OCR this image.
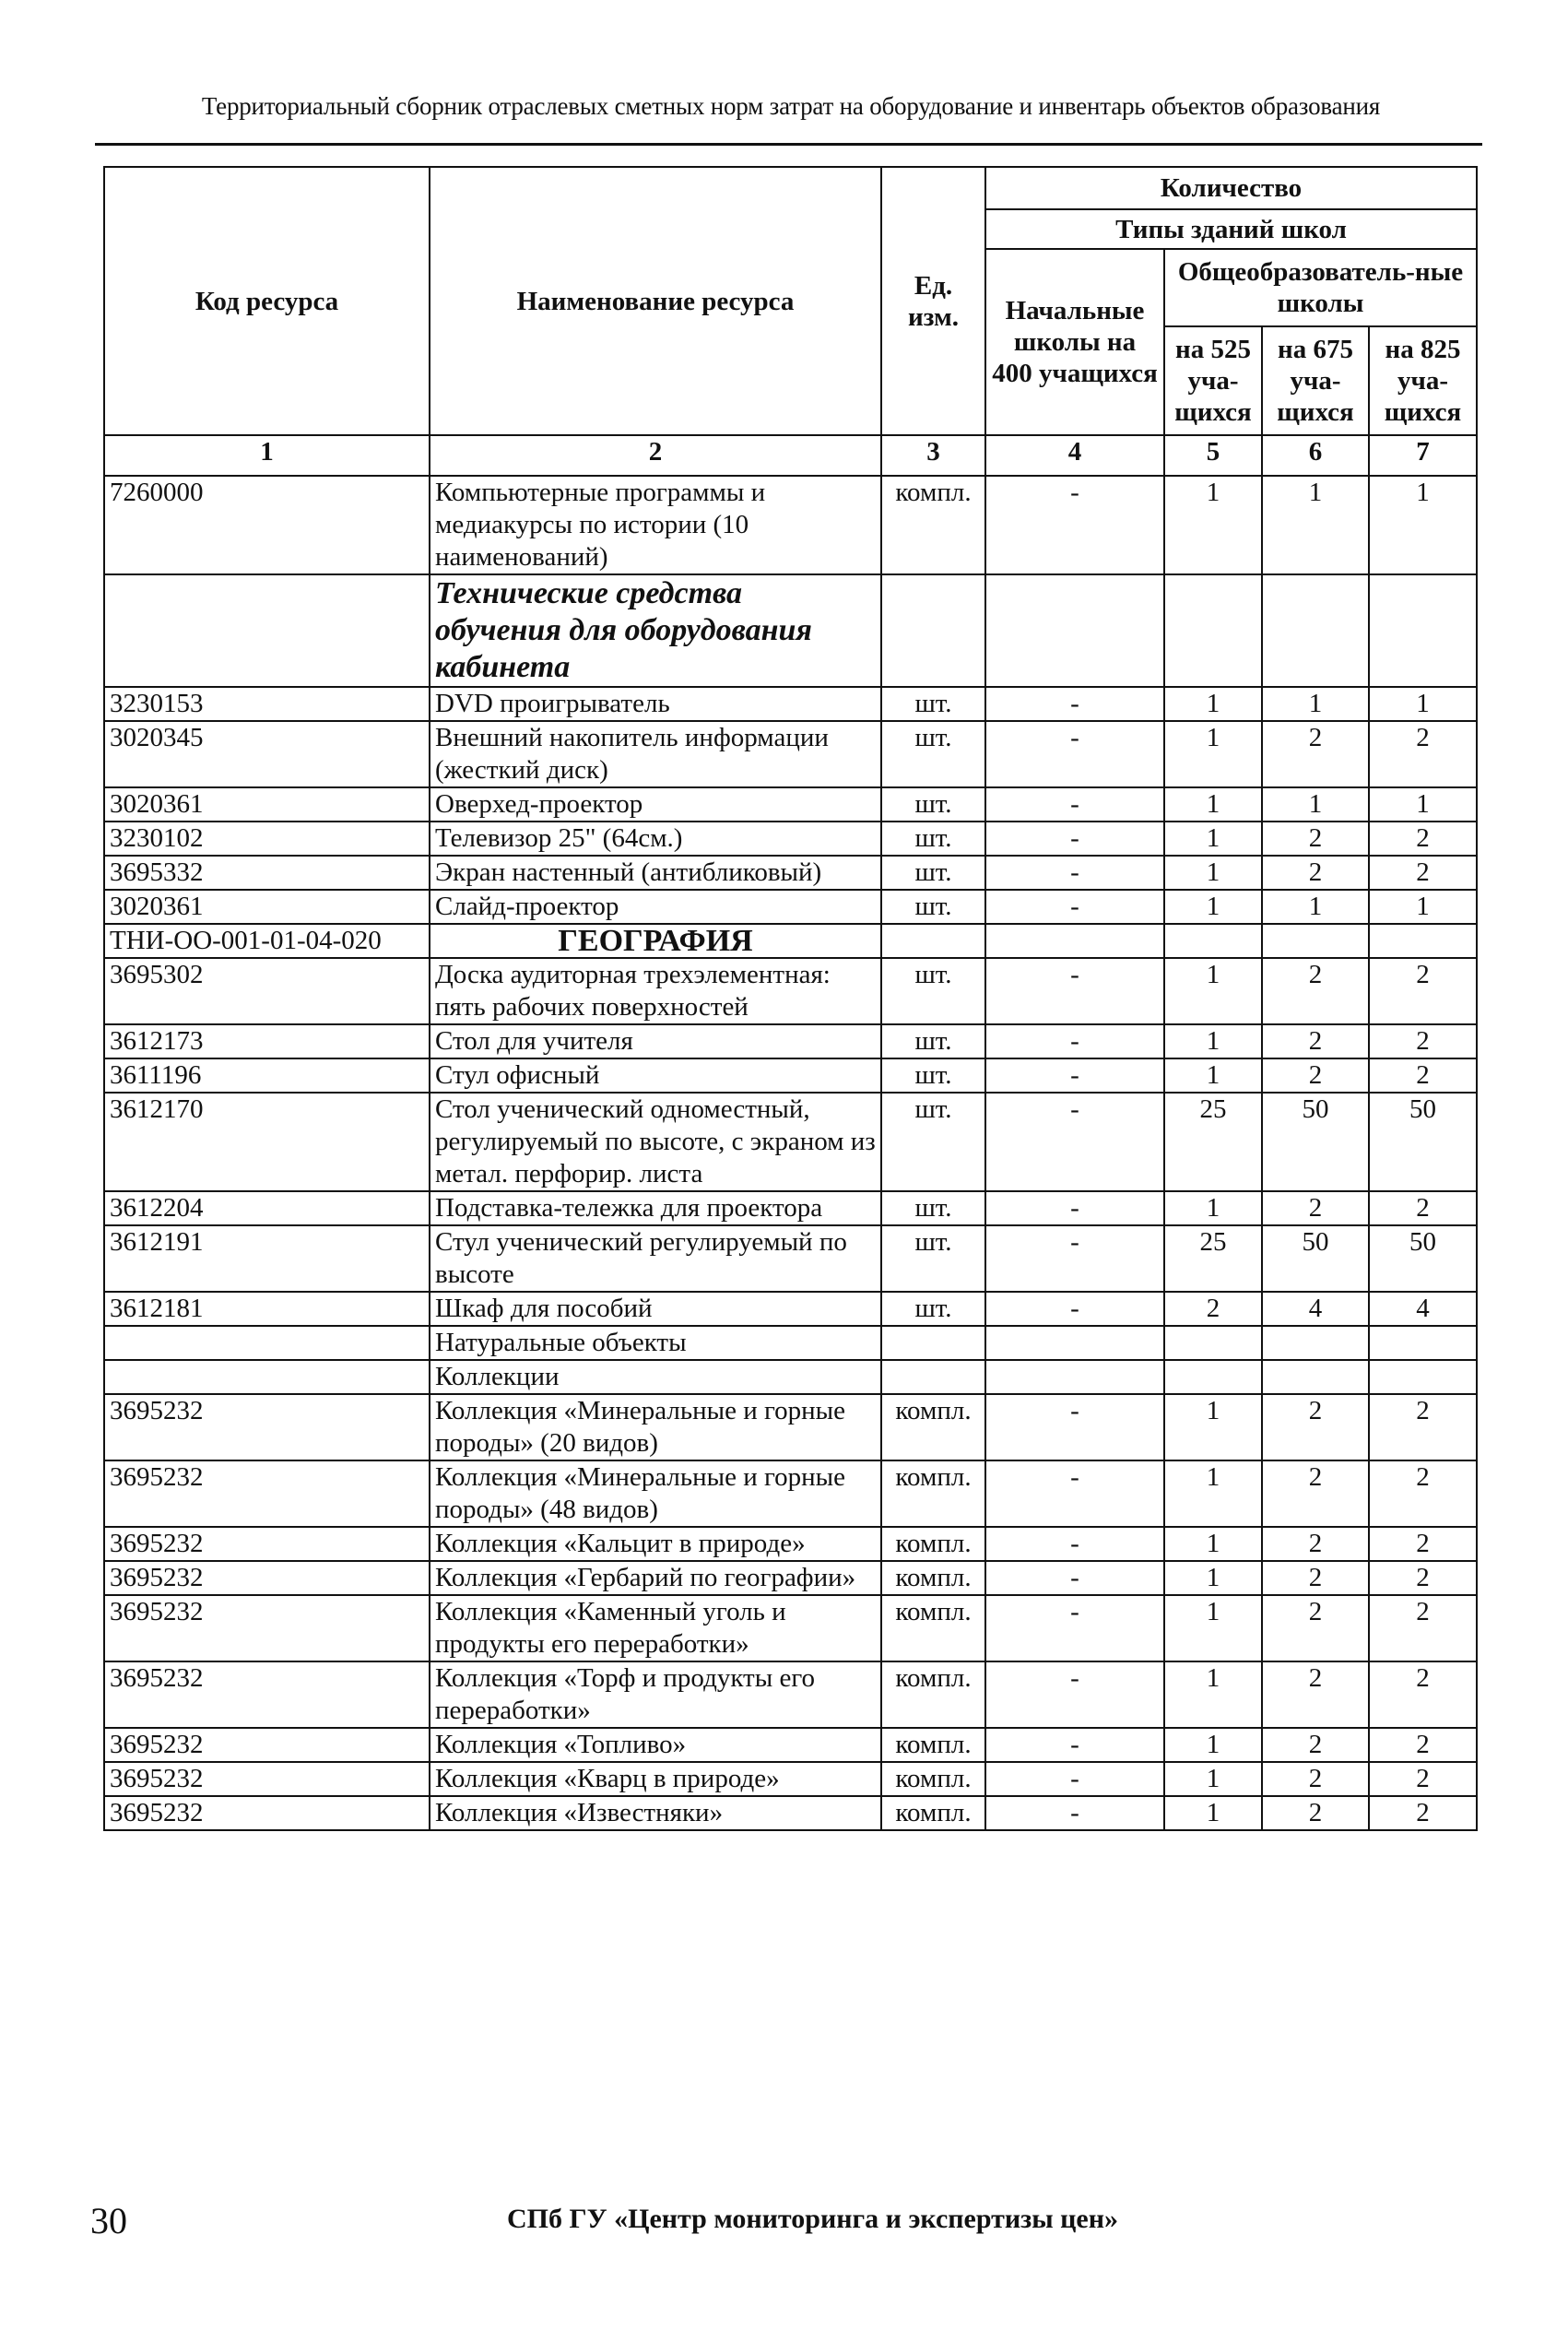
Территориальный сборник отраслевых сметных норм затрат на оборудование и инвентарь объектов образования
Код ресурса	Наименование ресурса	Ед. изм.	Количество			
			Типы зданий школ			
			Начальные школы на 400 учащихся	Общеобразователь-ные школы		
				на 525 уча-щихся	на 675 уча-щихся	на 825 уча-щихся
1	2	3	4	5	6	7
7260000	Компьютерные программы и медиакурсы по истории (10 наименований)	компл.	-	1	1	1
	Технические средства обучения для оборудования кабинета					
3230153	DVD проигрыватель	шт.	-	1	1	1
3020345	Внешний накопитель информации (жесткий диск)	шт.	-	1	2	2
3020361	Оверхед-проектор	шт.	-	1	1	1
3230102	Телевизор 25" (64см.)	шт.	-	1	2	2
3695332	Экран настенный (антибликовый)	шт.	-	1	2	2
3020361	Слайд-проектор	шт.	-	1	1	1
ТНИ-ОО-001-01-04-020	ГЕОГРАФИЯ					
3695302	Доска аудиторная трехэлементная: пять рабочих поверхностей	шт.	-	1	2	2
3612173	Стол для учителя	шт.	-	1	2	2
3611196	Стул офисный	шт.	-	1	2	2
3612170	Стол ученический одноместный, регулируемый по высоте, с экраном из метал. перфорир. листа	шт.	-	25	50	50
3612204	Подставка-тележка для проектора	шт.	-	1	2	2
3612191	Стул ученический регулируемый по высоте	шт.	-	25	50	50
3612181	Шкаф для пособий	шт.	-	2	4	4
	Натуральные объекты					
	Коллекции					
3695232	Коллекция «Минеральные и горные породы» (20 видов)	компл.	-	1	2	2
3695232	Коллекция «Минеральные и горные породы» (48 видов)	компл.	-	1	2	2
3695232	Коллекция «Кальцит в природе»	компл.	-	1	2	2
3695232	Коллекция «Гербарий по географии»	компл.	-	1	2	2
3695232	Коллекция «Каменный уголь и продукты его переработки»	компл.	-	1	2	2
3695232	Коллекция «Торф и продукты его переработки»	компл.	-	1	2	2
3695232	Коллекция «Топливо»	компл.	-	1	2	2
3695232	Коллекция «Кварц в природе»	компл.	-	1	2	2
3695232	Коллекция «Известняки»	компл.	-	1	2	2
30	СПб ГУ «Центр мониторинга и экспертизы цен»
